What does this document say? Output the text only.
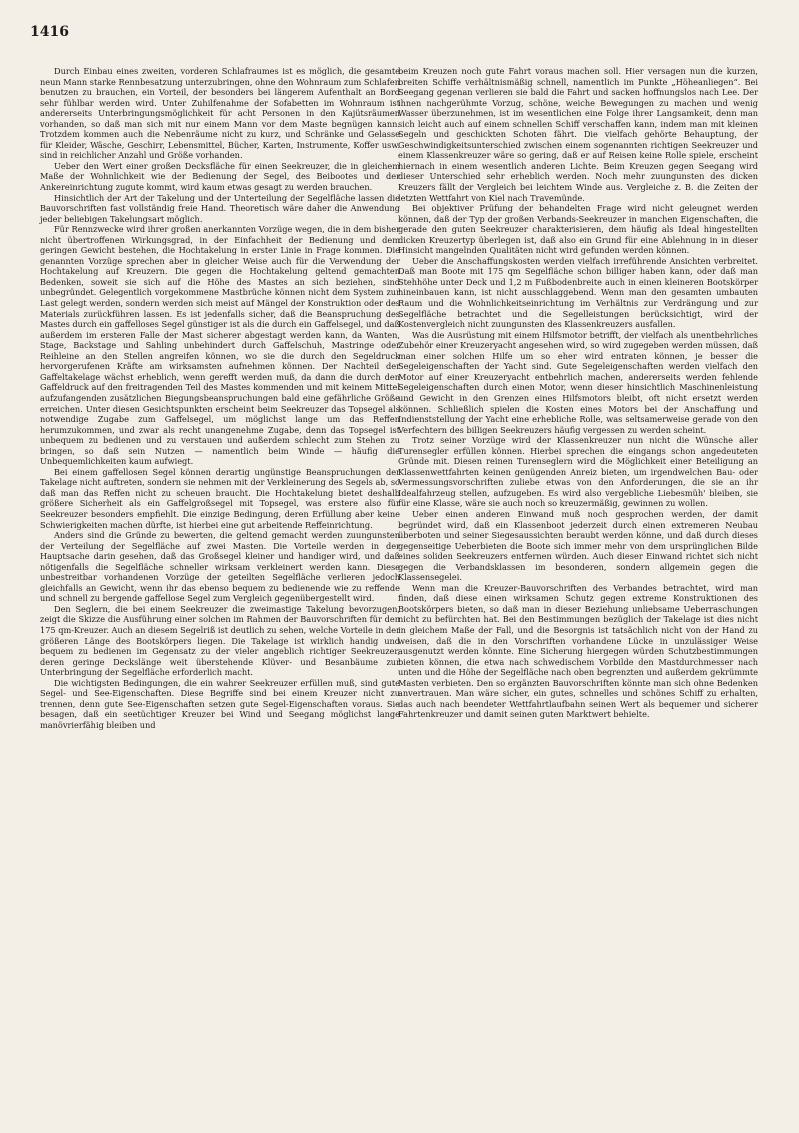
1416

Durch Einbau eines zweiten, vorderen Schlafraumes ist es möglich, die gesamte neun Mann starke Rennbesatzung unterzubringen, ohne den Wohnraum zum Schlafen benutzen zu brauchen, ein Vorteil, der besonders bei längerem Aufenthalt an Bord sehr fühlbar werden wird. Unter Zuhilfenahme der Sofabetten im Wohnraum ist andererseits Unterbringungsmöglichkeit für acht Personen in den Kajütsräumen vorhanden, so daß man sich mit nur einem Mann vor dem Maste begnügen kann. Trotzdem kommen auch die Nebenräume nicht zu kurz, und Schränke und Gelasse für Kleider, Wäsche, Geschirr, Lebensmittel, Bücher, Karten, Instrumente, Koffer usw. sind in reichlicher Anzahl und Größe vorhanden.

Ueber den Wert einer großen Decksfläche für einen Seekreuzer, die in gleichem Maße der Wohnlichkeit wie der Bedienung der Segel, des Beibootes und der Ankereinrichtung zugute kommt, wird kaum etwas gesagt zu werden brauchen.

Hinsichtlich der Art der Takelung und der Unterteilung der Segelfläche lassen die Bauvorschriften fast vollständig freie Hand. Theoretisch wäre daher die Anwendung jeder beliebigen Takelungsart möglich.

Für Rennzwecke wird ihrer großen anerkannten Vorzüge wegen, die in dem bisher nicht übertroffenen Wirkungsgrad, in der Einfachheit der Bedienung und dem geringen Gewicht bestehen, die Hochtakelung in erster Linie in Frage kommen. Die genannten Vorzüge sprechen aber in gleicher Weise auch für die Verwendung der Hochtakelung auf Kreuzern. Die gegen die Hochtakelung geltend gemachten Bedenken, soweit sie sich auf die Höhe des Mastes an sich beziehen, sind unbegründet. Gelegentlich vorgekommene Mastbrüche können nicht dem System zur Last gelegt werden, sondern werden sich meist auf Mängel der Konstruktion oder des Materials zurückführen lassen. Es ist jedenfalls sicher, daß die Beanspruchung des Mastes durch ein gaffelloses Segel günstiger ist als die durch ein Gaffelsegel, und daß außerdem im ersteren Falle der Mast sicherer abgestagt werden kann, da Wanten, Stage, Backstage und Sahling unbehindert durch Gaffelschuh, Mastringe oder Reihleine an den Stellen angreifen können, wo sie die durch den Segeldruck hervorgerufenen Kräfte am wirksamsten aufnehmen können. Der Nachteil der Gaffeltakelage wächst erheblich, wenn gerefft werden muß, da dann die durch den Gaffeldruck auf den freitragenden Teil des Mastes kommenden und mit keinem Mittel aufzufangenden zusätzlichen Biegungsbeanspruchungen bald eine gefährliche Größe erreichen. Unter diesen Gesichtspunkten erscheint beim Seekreuzer das Topsegel als notwendige Zugabe zum Gaffelsegel, um möglichst lange um das Reffen herumzukommen, und zwar als recht unangenehme Zugabe, denn das Topsegel ist unbequem zu bedienen und zu verstauen und außerdem schlecht zum Stehen zu bringen, so daß sein Nutzen — namentlich beim Winde — häufig die Unbequemlichkeiten kaum aufwiegt.

Bei einem gaffellosen Segel können derartig ungünstige Beanspruchungen der Takelage nicht auftreten, sondern sie nehmen mit der Verkleinerung des Segels ab, so daß man das Reffen nicht zu scheuen braucht. Die Hochtakelung bietet deshalb größere Sicherheit als ein Gaffelgroßsegel mit Topsegel, was erstere also für Seekreuzer besonders empfiehlt. Die einzige Bedingung, deren Erfüllung aber keine Schwierigkeiten machen dürfte, ist hierbei eine gut arbeitende Reffeinrichtung.

Anders sind die Gründe zu bewerten, die geltend gemacht werden zuungunsten der Verteilung der Segelfläche auf zwei Masten. Die Vorteile werden in der Hauptsache darin gesehen, daß das Großsegel kleiner und handiger wird, und daß nötigenfalls die Segelfläche schneller wirksam verkleinert werden kann. Diese unbestreitbar vorhandenen Vorzüge der geteilten Segelfläche verlieren jedoch gleichfalls an Gewicht, wenn ihr das ebenso bequem zu bedienende wie zu reffende und schnell zu bergende gaffellose Segel zum Vergleich gegenübergestellt wird.

Den Seglern, die bei einem Seekreuzer die zweimastige Takelung bevorzugen, zeigt die Skizze die Ausführung einer solchen im Rahmen der Bauvorschriften für den 175 qm-Kreuzer. Auch an diesem Segelriß ist deutlich zu sehen, welche Vorteile in der größeren Länge des Bootskörpers liegen. Die Takelage ist wirklich handig und bequem zu bedienen im Gegensatz zu der vieler angeblich richtiger Seekreuzer, deren geringe Deckslänge weit überstehende Klüver- und Besanbäume zur Unterbringung der Segelfläche erforderlich macht.

Die wichtigsten Bedingungen, die ein wahrer Seekreuzer erfüllen muß, sind gute Segel- und See-Eigenschaften. Diese Begriffe sind bei einem Kreuzer nicht zu trennen, denn gute See-Eigenschaften setzen gute Segel-Eigenschaften voraus. Sie besagen, daß ein seetüchtiger Kreuzer bei Wind und Seegang möglichst lange manövrierfähig bleiben und

beim Kreuzen noch gute Fahrt voraus machen soll. Hier versagen nun die kurzen, breiten Schiffe verhältnismäßig schnell, namentlich im Punkte „Höheanliegen“. Bei Seegang gegenan verlieren sie bald die Fahrt und sacken hoffnungslos nach Lee. Der ihnen nachgerühmte Vorzug, schöne, weiche Bewegungen zu machen und wenig Wasser überzunehmen, ist im wesentlichen eine Folge ihrer Langsamkeit, denn man sich leicht auch auf einem schnellen Schiff verschaffen kann, indem man mit kleinen Segeln und geschickten Schoten fährt. Die vielfach gehörte Behauptung, der Geschwindigkeitsunterschied zwischen einem sogenannten richtigen Seekreuzer und einem Klassenkreuzer wäre so gering, daß er auf Reisen keine Rolle spiele, erscheint hiernach in einem wesentlich anderen Lichte. Beim Kreuzen gegen Seegang wird dieser Unterschied sehr erheblich werden. Noch mehr zuungunsten des dicken Kreuzers fällt der Vergleich bei leichtem Winde aus. Vergleiche z. B. die Zeiten der letzten Wettfahrt von Kiel nach Travemünde.

Bei objektiver Prüfung der behandelten Frage wird nicht geleugnet werden können, daß der Typ der großen Verbands-Seekreuzer in manchen Eigenschaften, die gerade den guten Seekreuzer charakterisieren, dem häufig als Ideal hingestellten dicken Kreuzertyp überlegen ist, daß also ein Grund für eine Ablehnung in in dieser Hinsicht mangelnden Qualitäten nicht wird gefunden werden können.

Ueber die Anschaffungskosten werden vielfach irreführende Ansichten verbreitet. Daß man Boote mit 175 qm Segelfläche schon billiger haben kann, oder daß man Stehhöhe unter Deck und 1,2 m Fußbodenbreite auch in einen kleineren Bootskörper hineinbauen kann, ist nicht ausschlaggebend. Wenn man den gesamten umbauten Raum und die Wohnlichkeitseinrichtung im Verhältnis zur Verdrängung und zur Segelfläche betrachtet und die Segelleistungen berücksichtigt, wird der Kostenvergleich nicht zuungunsten des Klassenkreuzers ausfallen.

Was die Ausrüstung mit einem Hilfsmotor betrifft, der vielfach als unentbehrliches Zubehör einer Kreuzeryacht angesehen wird, so wird zugegeben werden müssen, daß man einer solchen Hilfe um so eher wird entraten können, je besser die Segeleigenschaften der Yacht sind. Gute Segeleigenschaften werden vielfach den Motor auf einer Kreuzeryacht entbehrlich machen, andererseits werden fehlende Segeleigenschaften durch einen Motor, wenn dieser hinsichtlich Maschinenleistung und Gewicht in den Grenzen eines Hilfsmotors bleibt, oft nicht ersetzt werden können. Schließlich spielen die Kosten eines Motors bei der Anschaffung und Indienststellung der Yacht eine erhebliche Rolle, was seltsamerweise gerade von den Verfechtern des billigen Seekreuzers häufig vergessen zu werden scheint.

Trotz seiner Vorzüge wird der Klassenkreuzer nun nicht die Wünsche aller Turensegler erfüllen können. Hierbei sprechen die eingangs schon angedeuteten Gründe mit. Diesen reinen Turenseglern wird die Möglichkeit einer Beteiligung an Klassenwettfahrten keinen genügenden Anreiz bieten, um irgendwelchen Bau- oder Vermessungsvorschriften zuliebe etwas von den Anforderungen, die sie an ihr Idealfahrzeug stellen, aufzugeben. Es wird also vergebliche Liebesmüh' bleiben, sie für eine Klasse, wäre sie auch noch so kreuzermäßig, gewinnen zu wollen.

Ueber einen anderen Einwand muß noch gesprochen werden, der damit begründet wird, daß ein Klassenboot jederzeit durch einen extremeren Neubau überboten und seiner Siegesaussichten beraubt werden könne, und daß durch dieses gegenseitige Ueberbieten die Boote sich immer mehr von dem ursprünglichen Bilde eines soliden Seekreuzers entfernen würden. Auch dieser Einwand richtet sich nicht gegen die Verbandsklassen im besonderen, sondern allgemein gegen die Klassensegelei.

Wenn man die Kreuzer-Bauvorschriften des Verbandes betrachtet, wird man finden, daß diese einen wirksamen Schutz gegen extreme Konstruktionen des Bootskörpers bieten, so daß man in dieser Beziehung unliebsame Ueberraschungen nicht zu befürchten hat. Bei den Bestimmungen bezüglich der Takelage ist dies nicht in gleichem Maße der Fall, und die Besorgnis ist tatsächlich nicht von der Hand zu weisen, daß die in den Vorschriften vorhandene Lücke in unzulässiger Weise ausgenutzt werden könnte. Eine Sicherung hiergegen würden Schutzbestimmungen bieten können, die etwa nach schwedischem Vorbilde den Mastdurchmesser nach unten und die Höhe der Segelfläche nach oben begrenzten und außerdem gekrümmte Masten verbieten. Den so ergänzten Bauvorschriften könnte man sich ohne Bedenken anvertrauen. Man wäre sicher, ein gutes, schnelles und schönes Schiff zu erhalten, das auch nach beendeter Wettfahrtlaufbahn seinen Wert als bequemer und sicherer Fahrtenkreuzer und damit seinen guten Marktwert behielte.
